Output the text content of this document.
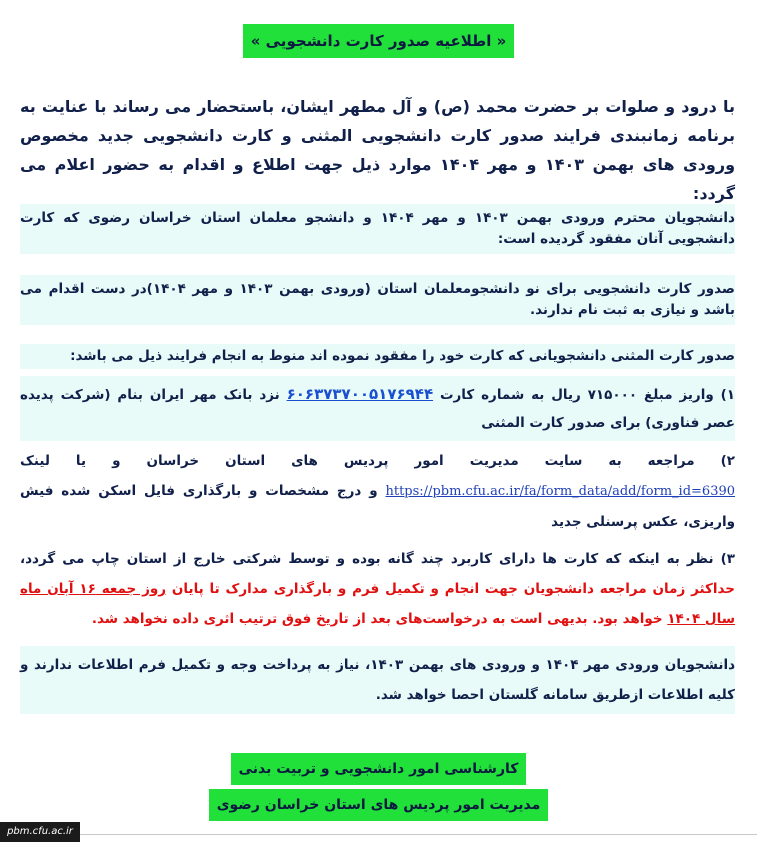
« اطلاعیه صدور کارت دانشجویی »

با درود و صلوات بر حضرت محمد (ص) و آل مطهر ایشان، باستحضار می رساند با عنایت به برنامه زمانبندی فرایند صدور کارت دانشجویی المثنی و کارت دانشجویی جدید مخصوص ورودی های بهمن ۱۴۰۳ و مهر ۱۴۰۴ موارد ذیل جهت اطلاع و اقدام به حضور اعلام می گردد:

دانشجویان محترم ورودی بهمن ۱۴۰۳ و مهر ۱۴۰۴ و دانشجو معلمان استان خراسان رضوی که کارت دانشجویی آنان مفقود گردیده است:
صدور کارت دانشجویی برای نو دانشجومعلمان استان (ورودی بهمن ۱۴۰۳ و مهر ۱۴۰۴)در دست اقدام می باشد و نیازی به ثبت نام ندارند.
صدور کارت المثنی دانشجویانی که کارت خود را مفقود نموده اند منوط به انجام فرایند ذیل می باشد:
۱) واریز مبلغ ۷۱۵۰۰۰ ریال به شماره کارت ۶۰۶۳۷۳۷۰۰۵۱۷۶۹۴۴ نزد بانک مهر ایران بنام (شرکت پدیده عصر فناوری) برای صدور کارت المثنی
۲) مراجعه به سایت مدیریت امور پردیس های استان خراسان و یا لینک https://pbm.cfu.ac.ir/fa/form_data/add/form_id=6390 و درج مشخصات و بارگذاری فایل اسکن شده فیش واریزی، عکس پرسنلی جدید
۳) نظر به اینکه که کارت ها دارای کاربرد چند گانه بوده و توسط شرکتی خارج از استان چاپ می گردد، حداکثر زمان مراجعه دانشجویان جهت انجام و تکمیل فرم و بارگذاری مدارک تا پایان روز جمعه ۱۶ آبان ماه سال ۱۴۰۴ خواهد بود. بدیهی است به درخواست‌های بعد از تاریخ فوق ترتیب اثری داده نخواهد شد.
دانشجویان ورودی مهر ۱۴۰۴ و ورودی های بهمن ۱۴۰۳، نیاز به پرداخت وجه و تکمیل فرم اطلاعات ندارند و کلیه اطلاعات ازطریق سامانه گلستان احصا خواهد شد.
کارشناسی امور دانشجویی و تربیت بدنی
مدیریت امور پردیس های استان خراسان رضوی
pbm.cfu.ac.ir
